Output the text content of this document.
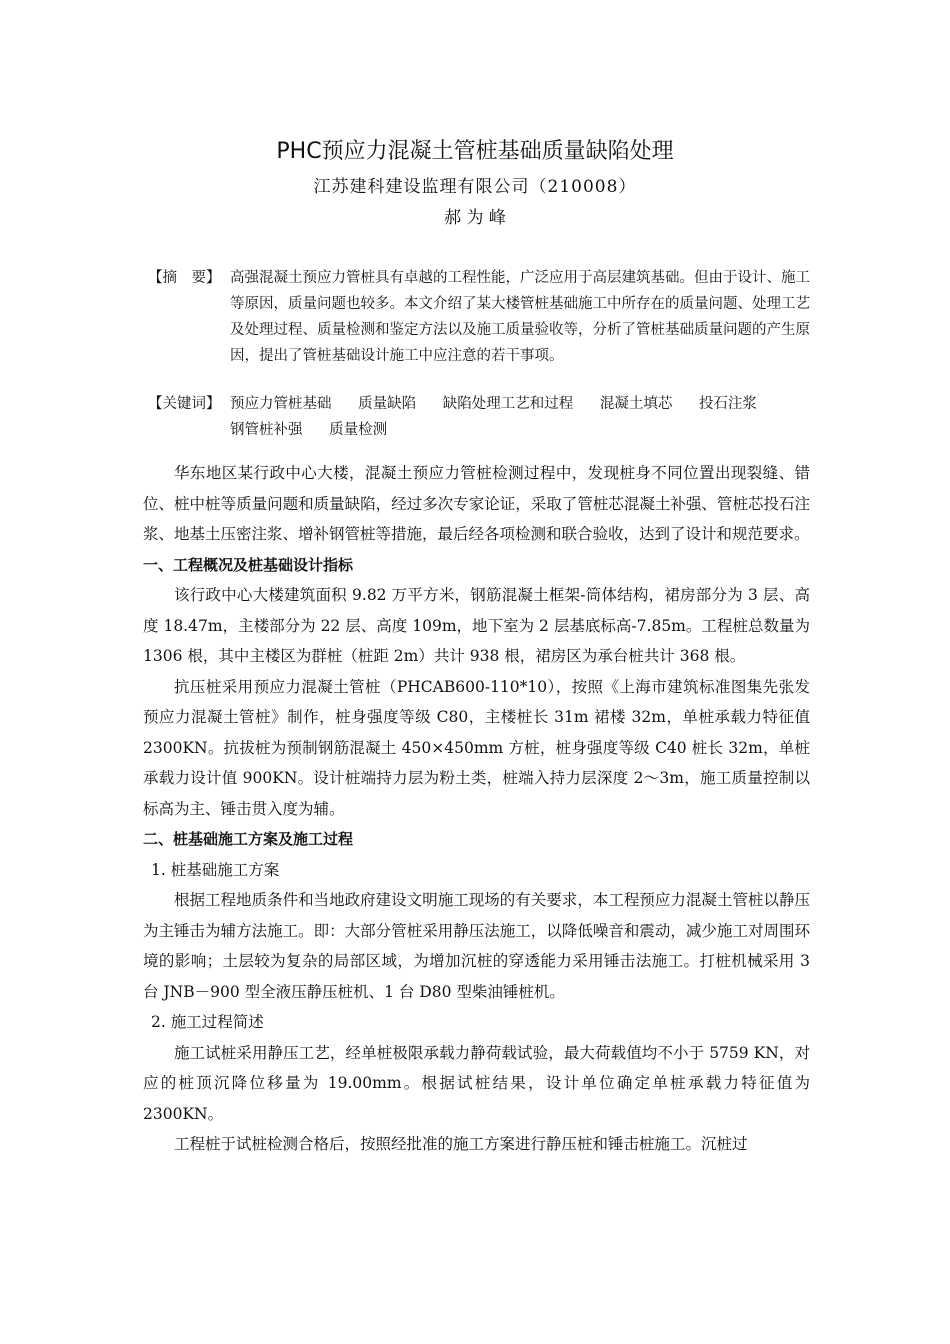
PHC预应力混凝土管桩基础质量缺陷处理
江苏建科建设监理有限公司（210008）
郝 为 峰
【摘　要】 高强混凝土预应力管桩具有卓越的工程性能，广泛应用于高层建筑基础。但由于设计、施工等原因，质量问题也较多。本文介绍了某大楼管桩基础施工中所存在的质量问题、处理工艺及处理过程、质量检测和鉴定方法以及施工质量验收等，分析了管桩基础质量问题的产生原因，提出了管桩基础设计施工中应注意的若干事项。
【关键词】 预应力管桩基础 质量缺陷 缺陷处理工艺和过程 混凝土填芯 投石注浆 钢管桩补强 质量检测

华东地区某行政中心大楼，混凝土预应力管桩检测过程中，发现桩身不同位置出现裂缝、错位、桩中桩等质量问题和质量缺陷，经过多次专家论证，采取了管桩芯混凝土补强、管桩芯投石注浆、地基土压密注浆、增补钢管桩等措施，最后经各项检测和联合验收，达到了设计和规范要求。

一、工程概况及桩基础设计指标

该行政中心大楼建筑面积 9.82 万平方米，钢筋混凝土框架-筒体结构，裙房部分为 3 层、高度 18.47m，主楼部分为 22 层、高度 109m，地下室为 2 层基底标高-7.85m。工程桩总数量为 1306 根，其中主楼区为群桩（桩距 2m）共计 938 根，裙房区为承台桩共计 368 根。

抗压桩采用预应力混凝土管桩（PHCAB600-110*10），按照《上海市建筑标准图集先张发预应力混凝土管桩》制作，桩身强度等级 C80，主楼桩长 31m 裙楼 32m，单桩承载力特征值 2300KN。抗拔桩为预制钢筋混凝土 450×450mm 方桩，桩身强度等级 C40 桩长 32m，单桩承载力设计值 900KN。设计桩端持力层为粉土类，桩端入持力层深度 2～3m，施工质量控制以标高为主、锤击贯入度为辅。

二、桩基础施工方案及施工过程

1. 桩基础施工方案

根据工程地质条件和当地政府建设文明施工现场的有关要求，本工程预应力混凝土管桩以静压为主锤击为辅方法施工。即：大部分管桩采用静压法施工，以降低噪音和震动，减少施工对周围环境的影响；土层较为复杂的局部区域，为增加沉桩的穿透能力采用锤击法施工。打桩机械采用 3 台 JNB－900 型全液压静压桩机、1 台 D80 型柴油锤桩机。

2. 施工过程简述

施工试桩采用静压工艺，经单桩极限承载力静荷载试验，最大荷载值均不小于 5759 KN，对应的桩顶沉降位移量为 19.00mm。根据试桩结果，设计单位确定单桩承载力特征值为 2300KN。

工程桩于试桩检测合格后，按照经批准的施工方案进行静压桩和锤击桩施工。沉桩过
